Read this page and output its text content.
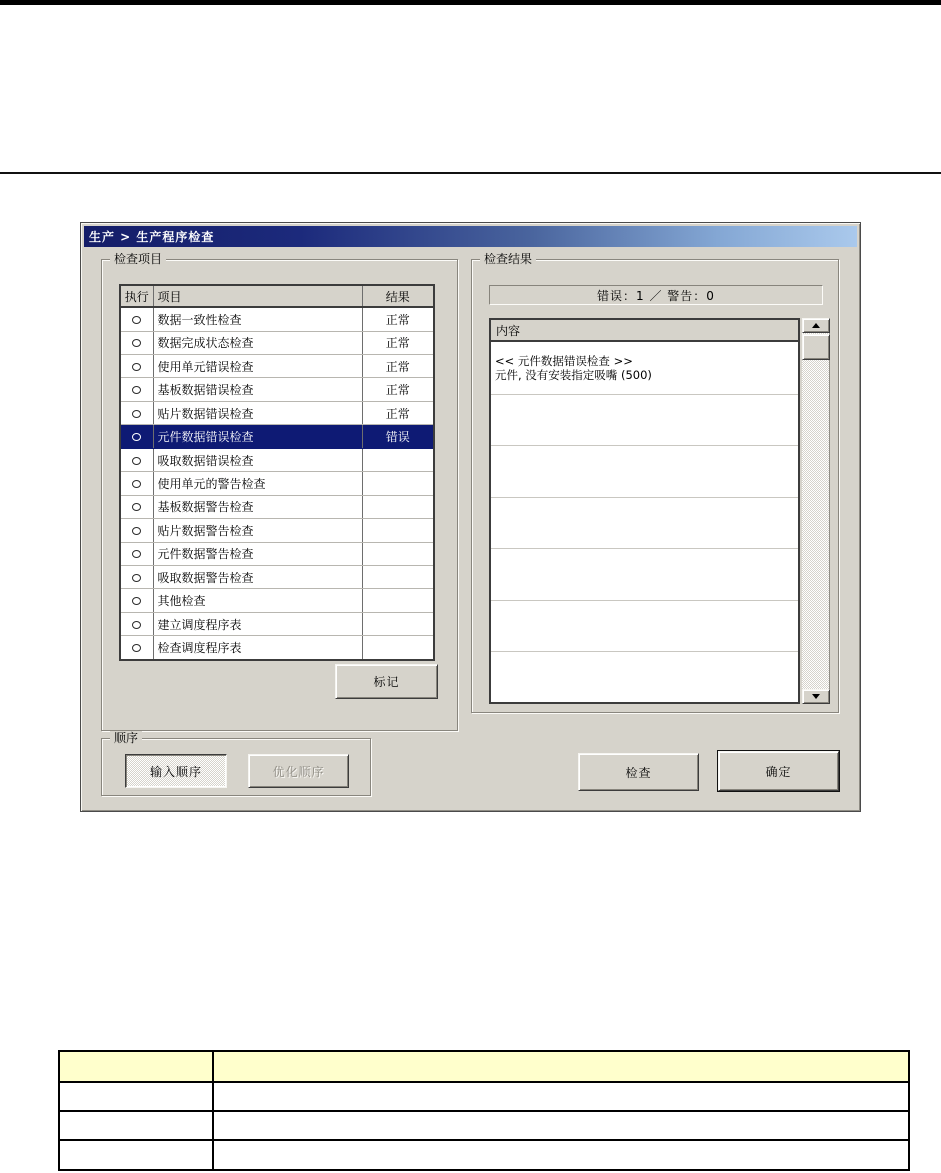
生产 > 生产程序检查
检查项目
执行	项目	结果
	数据一致性检查	正常
	数据完成状态检查	正常
	使用单元错误检查	正常
	基板数据错误检查	正常
	贴片数据错误检查	正常
	元件数据错误检查	错误
	吸取数据错误检查	
	使用单元的警告检查	
	基板数据警告检查	
	贴片数据警告检查	
	元件数据警告检查	
	吸取数据警告检查	
	其他检查	
	建立调度程序表	
	检查调度程序表	
标记
检查结果
错误：1 ／ 警告：0
内容
<< 元件数据错误检查 >>
元件, 没有安装指定吸嘴 (500)
顺序
输入顺序	优化顺序	检查	确定
